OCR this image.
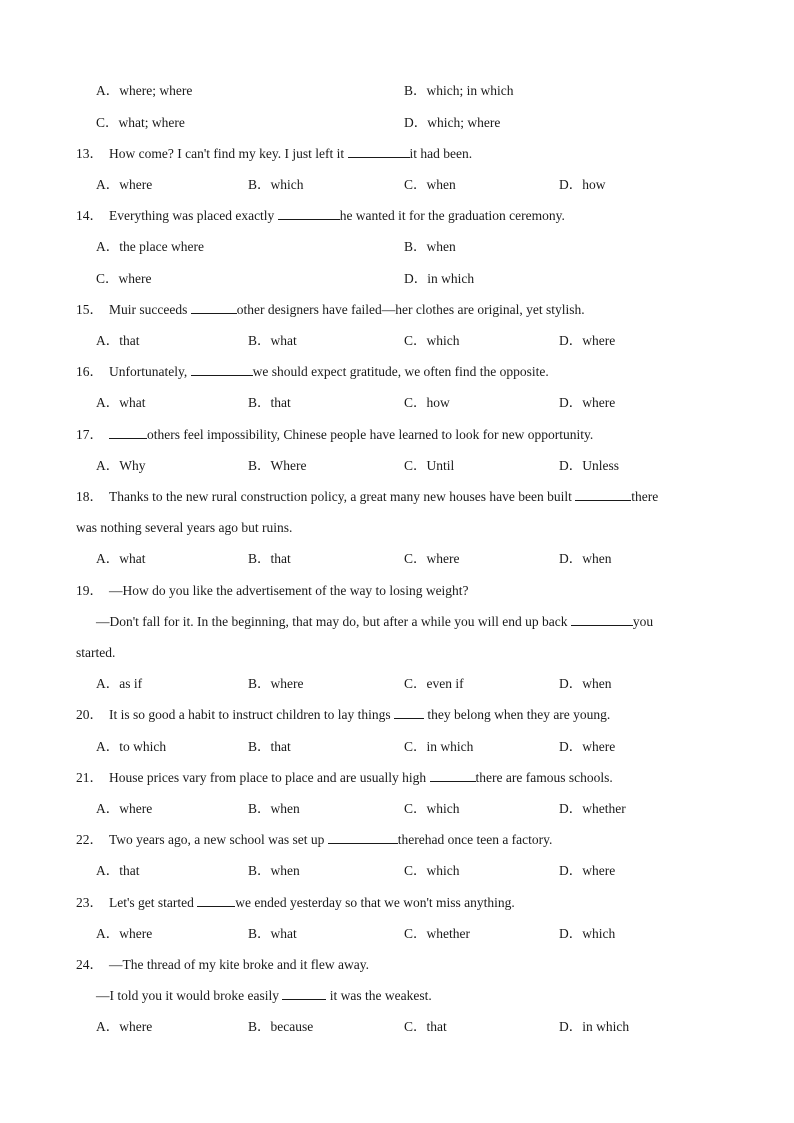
A．where; where	B．which; in which
C．what; where	D．which; where
13． How come? I can't find my key. I just left it	it had been.
A．where	B．which	C．when	D．how
14． Everything was placed exactly	he wanted it for the graduation ceremony.
A．the place where	B．when
C．where	D．in which
15． Muir succeeds	other designers have failed—her clothes are original, yet stylish.
A．that	B．what	C．which	D．where
16． Unfortunately,	we should expect gratitude, we often find the opposite.
A．what	B．that	C．how	D．where
17．	others feel impossibility, Chinese people have learned to look for new opportunity.
A．Why	B．Where	C．Until	D．Unless
18． Thanks to the new rural construction policy, a great many new houses have been built	there
was nothing several years ago but ruins.
A．what	B．that	C．where	D．when
19． —How do you like the advertisement of the way to losing weight?
—Don't fall for it. In the beginning, that may do, but after a while you will end up back	you
started.
A．as if	B．where	C．even if	D．when
20． It is so good a habit to instruct children to lay things  they belong when they are young.
A．to which	B．that	C．in which	D．where
21． House prices vary from place to place and are usually high	there are famous schools.
A．where	B．when	C．which	D．whether
22． Two years ago, a new school was set up	therehad once teen a factory.
A．that	B．when	C．which	D．where
23． Let's get started	we ended yesterday so that we won't miss anything.
A．where	B．what	C．whether	D．which
24． —The thread of my kite broke and it flew away.
—I told you it would broke easily	it was the weakest.
A．where	B．because	C．that	D．in which
